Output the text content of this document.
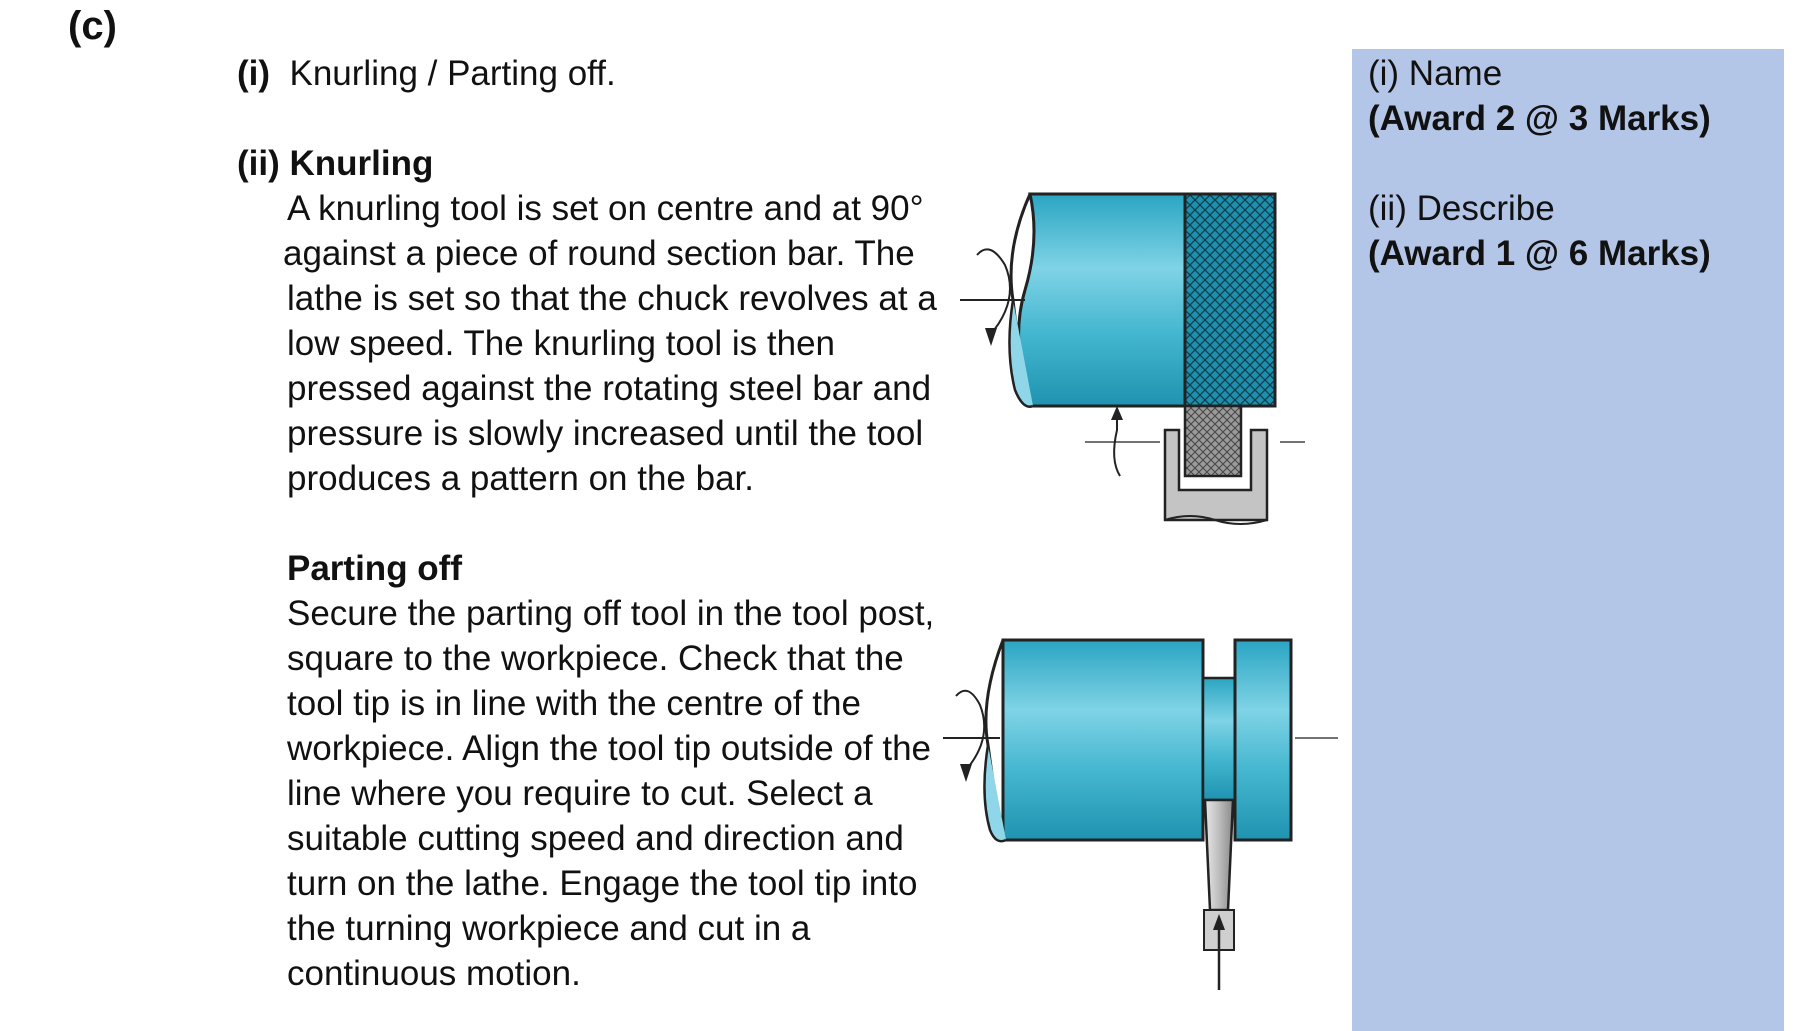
(c)
(i) Knurling / Parting off.
(ii) Knurling
A knurling tool is set on centre and at 90°
against a piece of round section bar. The
lathe is set so that the chuck revolves at a
low speed. The knurling tool is then
pressed against the rotating steel bar and
pressure is slowly increased until the tool
produces a pattern on the bar.
Parting off
Secure the parting off tool in the tool post,
square to the workpiece. Check that the
tool tip is in line with the centre of the
workpiece. Align the tool tip outside of the
line where you require to cut. Select a
suitable cutting speed and direction and
turn on the lathe. Engage the tool tip into
the turning workpiece and cut in a
continuous motion.
(i) Name
(Award 2 @ 3 Marks)
(ii) Describe
(Award 1 @ 6 Marks)
